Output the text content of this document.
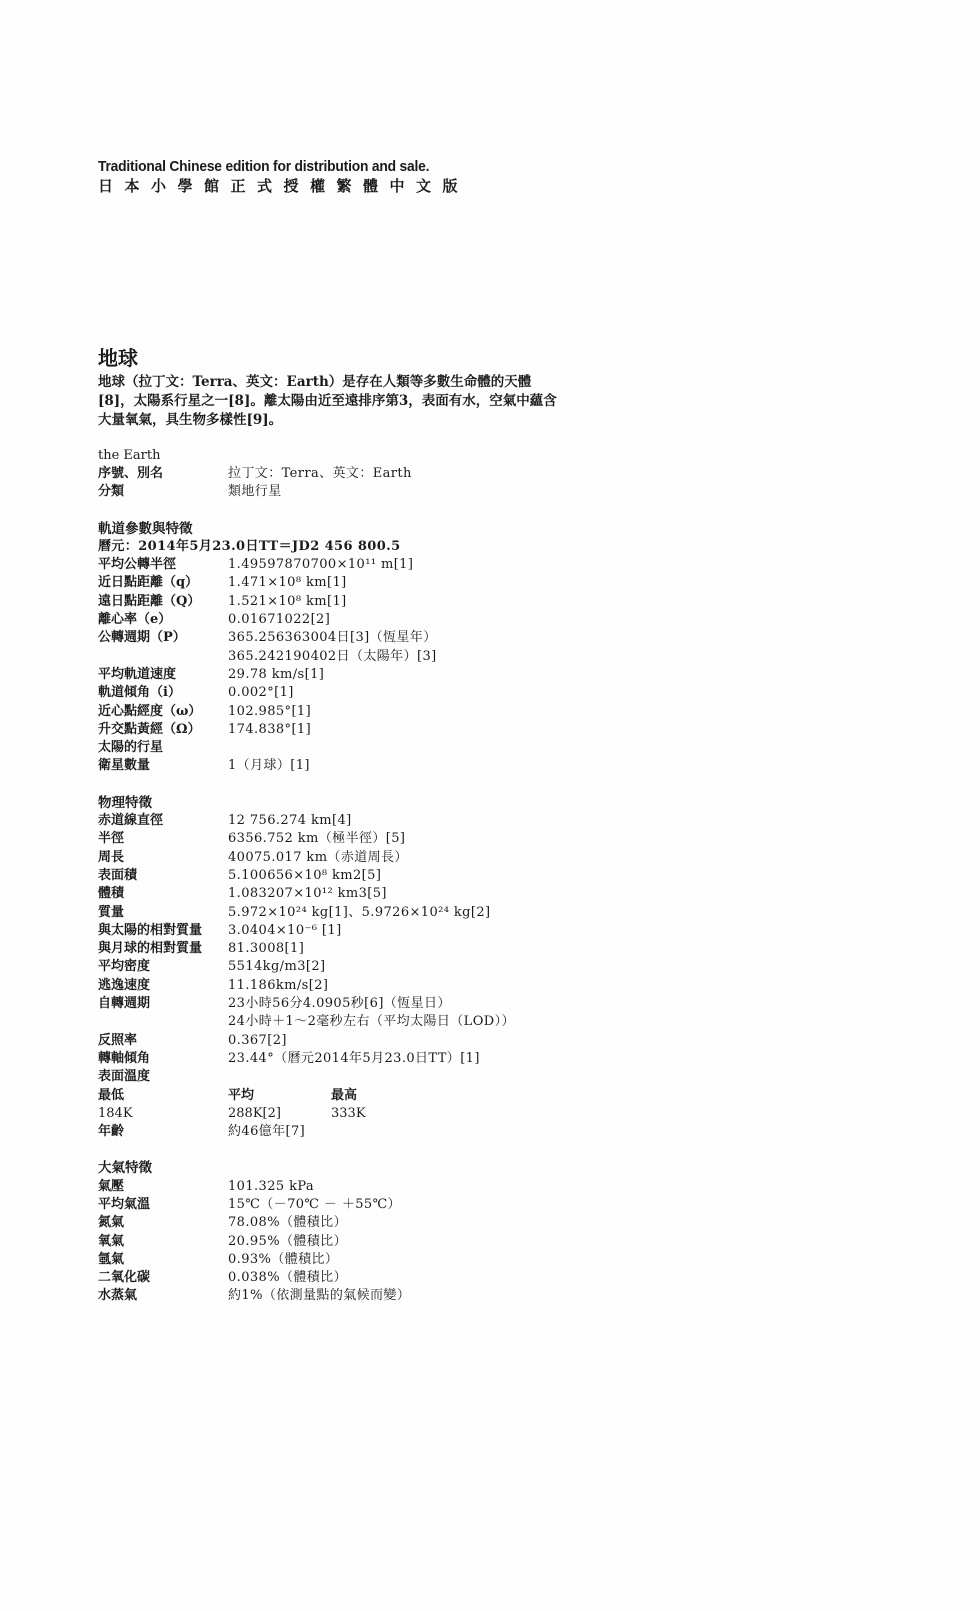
Traditional Chinese edition for distribution and sale.
日本小學館正式授權繁體中文版
地球

地球（拉丁文：Terra、英文：Earth）是存在人類等多數生命體的天體[8]，太陽系行星之一[8]。離太陽由近至遠排序第3，表面有水，空氣中蘊含大量氧氣，具生物多樣性[9]。

the Earth
序號、別名	拉丁文：Terra、英文：Earth
分類	類地行星
軌道參數與特徵
曆元：2014年5月23.0日TT＝JD2 456 800.5
平均公轉半徑	1.49597870700×10¹¹ m[1]
近日點距離（q）	1.471×10⁸ km[1]
遠日點距離（Q）	1.521×10⁸ km[1]
離心率（e）	0.01671022[2]
公轉週期（P）	365.256363004日[3]（恆星年）
365.242190402日（太陽年）[3]
平均軌道速度	29.78 km/s[1]
軌道傾角（i）	0.002°[1]
近心點經度（ω）	102.985°[1]
升交點黃經（Ω）	174.838°[1]
太陽的行星
衛星數量	1（月球）[1]
物理特徵
赤道線直徑	12 756.274 km[4]
半徑	6356.752 km（極半徑）[5]
周長	40075.017 km（赤道周長）
表面積	5.100656×10⁸ km2[5]
體積	1.083207×10¹² km3[5]
質量	5.972×10²⁴ kg[1]、5.9726×10²⁴ kg[2]
與太陽的相對質量	3.0404×10⁻⁶ [1]
與月球的相對質量	81.3008[1]
平均密度	5514kg/m3[2]
逃逸速度	11.186km/s[2]
自轉週期	23小時56分4.0905秒[6]（恆星日）
24小時＋1～2毫秒左右（平均太陽日（LOD））
反照率	0.367[2]
轉軸傾角	23.44°（曆元2014年5月23.0日TT）[1]
表面溫度
最低	平均	最高
184K	288K[2]	333K
年齡	約46億年[7]
大氣特徵
氣壓	101.325 kPa
平均氣溫	15℃（－70℃ － ＋55℃）
氮氣	78.08%（體積比）
氧氣	20.95%（體積比）
氬氣	0.93%（體積比）
二氧化碳	0.038%（體積比）
水蒸氣	約1%（依測量點的氣候而變）
